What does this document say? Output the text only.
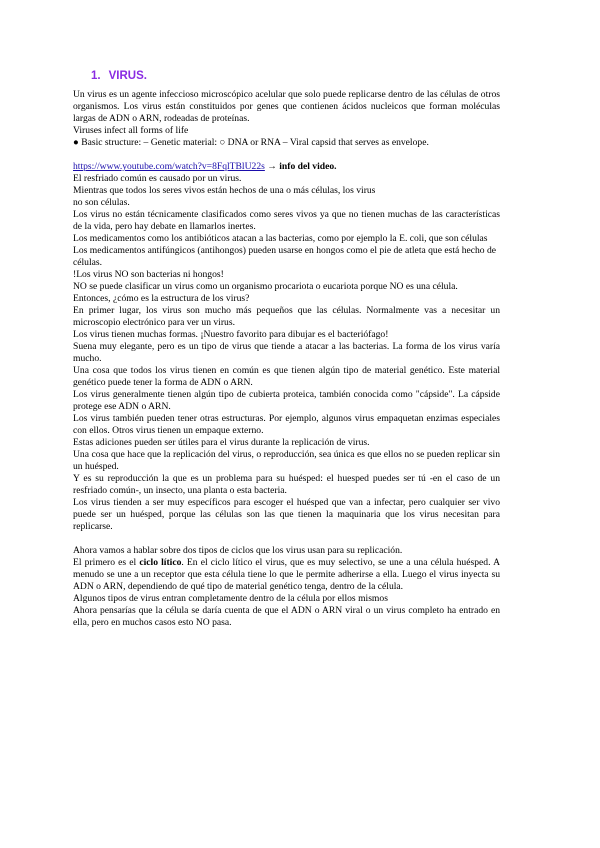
1. VIRUS.

Un virus es un agente infeccioso microscópico acelular que solo puede replicarse dentro de las células de otros organismos. Los virus están constituidos por genes que contienen ácidos nucleicos que forman moléculas largas de ADN o ARN, rodeadas de proteínas.

Viruses infect all forms of life

● Basic structure: – Genetic material: ○ DNA or RNA – Viral capsid that serves as envelope.

https://www.youtube.com/watch?v=8FqlTBlU22s → info del video.

El resfriado común es causado por un virus.

Mientras que todos los seres vivos están hechos de una o más células, los virus

no son células.

Los virus no están técnicamente clasificados como seres vivos ya que no tienen muchas de las características de la vida, pero hay debate en llamarlos inertes.

Los medicamentos como los antibióticos atacan a las bacterias, como por ejemplo la E. coli, que son células

Los medicamentos antifúngicos (antihongos) pueden usarse en hongos como el pie de atleta que está hecho de células.

!Los virus NO son bacterias ni hongos!

NO se puede clasificar un virus como un organismo procariota o eucariota porque NO es una célula.

Entonces, ¿cómo es la estructura de los virus?

En primer lugar, los virus son mucho más pequeños que las células. Normalmente vas a necesitar un microscopio electrónico para ver un virus.

Los virus tienen muchas formas. ¡Nuestro favorito para dibujar es el bacteriófago!

Suena muy elegante, pero es un tipo de virus que tiende a atacar a las bacterias. La forma de los virus varía mucho.

Una cosa que todos los virus tienen en común es que tienen algún tipo de material genético. Este material genético puede tener la forma de ADN o ARN.

Los virus generalmente tienen algún tipo de cubierta proteica, también conocida como "cápside". La cápside protege ese ADN o ARN.

Los virus también pueden tener otras estructuras. Por ejemplo, algunos virus empaquetan enzimas especiales con ellos. Otros virus tienen un empaque externo.

Estas adiciones pueden ser útiles para el virus durante la replicación de virus.

Una cosa que hace que la replicación del virus, o reproducción, sea única es que ellos no se pueden replicar sin un huésped.

Y es su reproducción la que es un problema para su huésped: el huesped puedes ser tú -en el caso de un resfriado común-, un insecto, una planta o esta bacteria.

Los virus tienden a ser muy específicos para escoger el huésped que van a infectar, pero cualquier ser vivo puede ser un huésped, porque las células son las que tienen la maquinaria que los virus necesitan para replicarse.

Ahora vamos a hablar sobre dos tipos de ciclos que los virus usan para su replicación.

El primero es el ciclo lítico. En el ciclo lítico el virus, que es muy selectivo, se une a una célula huésped. A menudo se une a un receptor que esta célula tiene lo que le permite adherirse a ella. Luego el virus inyecta su ADN o ARN, dependiendo de qué tipo de material genético tenga, dentro de la célula.

Algunos tipos de virus entran completamente dentro de la célula por ellos mismos

Ahora pensarías que la célula se daría cuenta de que el ADN o ARN viral o un virus completo ha entrado en ella, pero en muchos casos esto NO pasa.
